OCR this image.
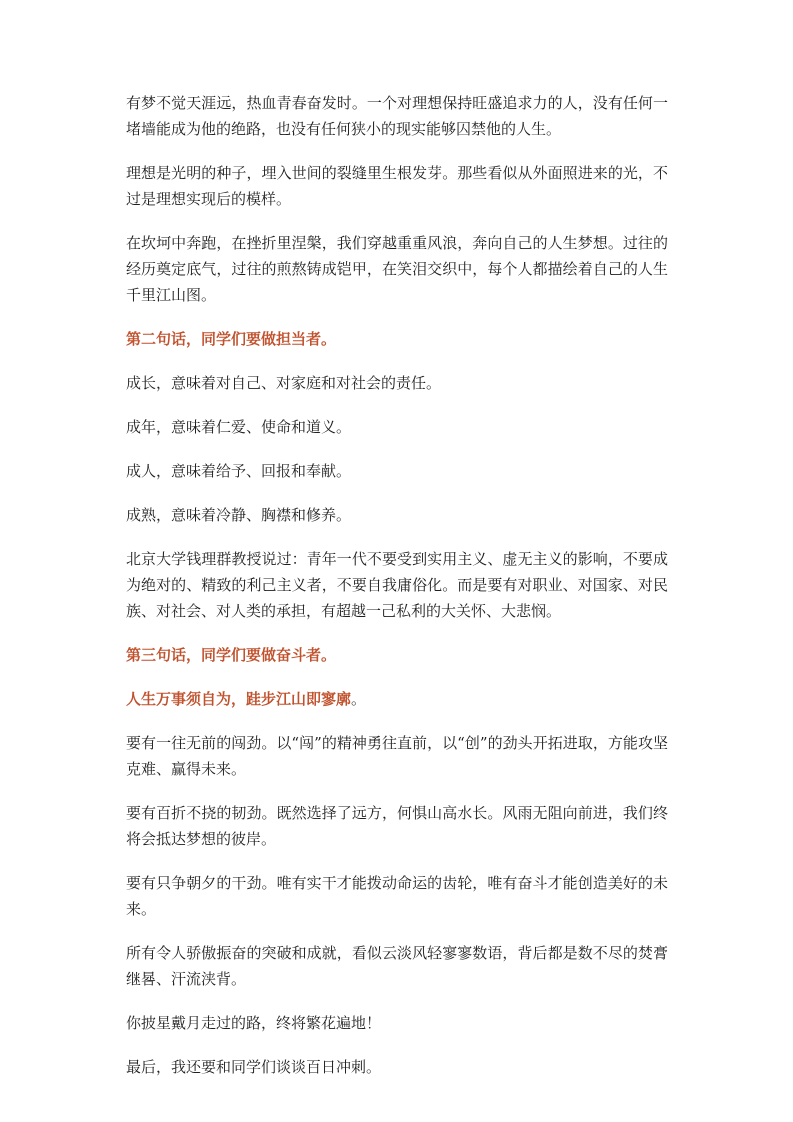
有梦不觉天涯远，热血青春奋发时。一个对理想保持旺盛追求力的人，没有任何一堵墙能成为他的绝路，也没有任何狭小的现实能够囚禁他的人生。

理想是光明的种子，埋入世间的裂缝里生根发芽。那些看似从外面照进来的光，不过是理想实现后的模样。

在坎坷中奔跑，在挫折里涅槃，我们穿越重重风浪，奔向自己的人生梦想。过往的经历奠定底气，过往的煎熬铸成铠甲，在笑泪交织中，每个人都描绘着自己的人生千里江山图。

第二句话，同学们要做担当者。

成长，意味着对自己、对家庭和对社会的责任。

成年，意味着仁爱、使命和道义。

成人，意味着给予、回报和奉献。

成熟，意味着冷静、胸襟和修养。

北京大学钱理群教授说过：青年一代不要受到实用主义、虚无主义的影响，不要成为绝对的、精致的利己主义者，不要自我庸俗化。而是要有对职业、对国家、对民族、对社会、对人类的承担，有超越一己私利的大关怀、大悲悯。

第三句话，同学们要做奋斗者。

人生万事须自为，跬步江山即寥廓。

要有一往无前的闯劲。以“闯”的精神勇往直前，以“创”的劲头开拓进取，方能攻坚克难、赢得未来。

要有百折不挠的韧劲。既然选择了远方，何惧山高水长。风雨无阻向前进，我们终将会抵达梦想的彼岸。

要有只争朝夕的干劲。唯有实干才能拨动命运的齿轮，唯有奋斗才能创造美好的未来。

所有令人骄傲振奋的突破和成就，看似云淡风轻寥寥数语，背后都是数不尽的焚膏继晷、汗流浃背。

你披星戴月走过的路，终将繁花遍地！

最后，我还要和同学们谈谈百日冲刺。
